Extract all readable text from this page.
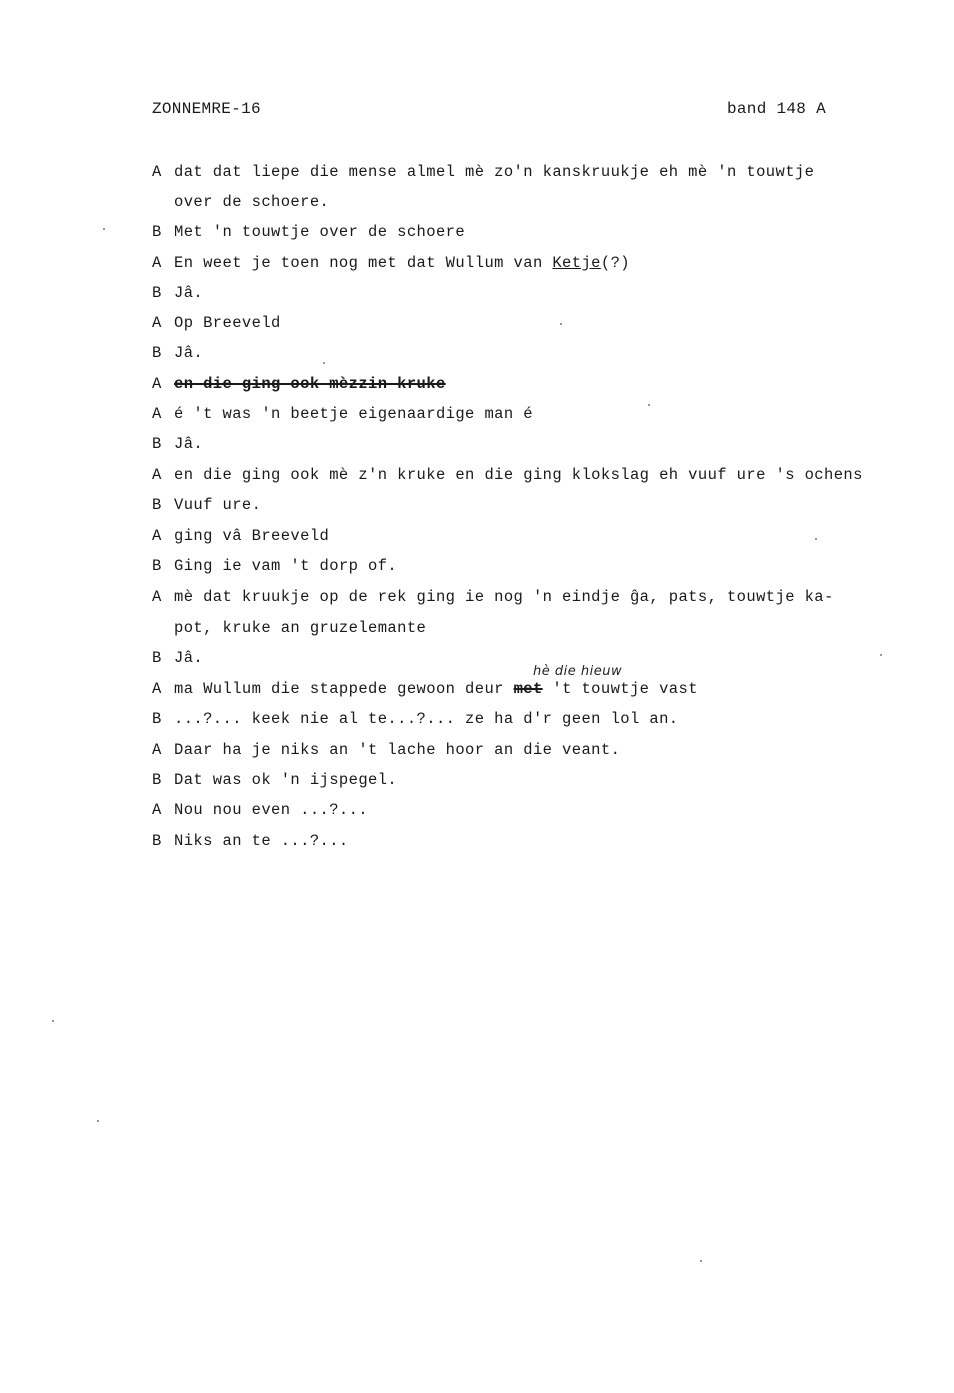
ZONNEMRE-16	band 148 A
A dat dat liepe die mense almel mè zo'n kanskruukje eh mè 'n touwtje
over de schoere.
B Met 'n touwtje over de schoere
A En weet je toen nog met dat Wullum van Ketje(?)
B Jâ.
A Op Breeveld
B Jâ.
A en die ging ook mèzzin kruke
A é 't was 'n beetje eigenaardige man é
B Jâ.
A en die ging ook mè z'n kruke en die ging klokslag eh vuuf ure 's ochens
B Vuuf ure.
A ging vâ Breeveld
B Ging ie vam 't dorp of.
A mè dat kruukje op de rek ging ie nog 'n eindje ĝa, pats, touwtje ka-
pot, kruke an gruzelemante
B Jâ.
hè die hieuw
A ma Wullum die stappede gewoon deur met 't touwtje vast
B ...?... keek nie al te...?... ze ha d'r geen lol an.
A Daar ha je niks an 't lache hoor an die veant.
B Dat was ok 'n ijspegel.
A Nou nou even ...?...
B Niks an te ...?...
